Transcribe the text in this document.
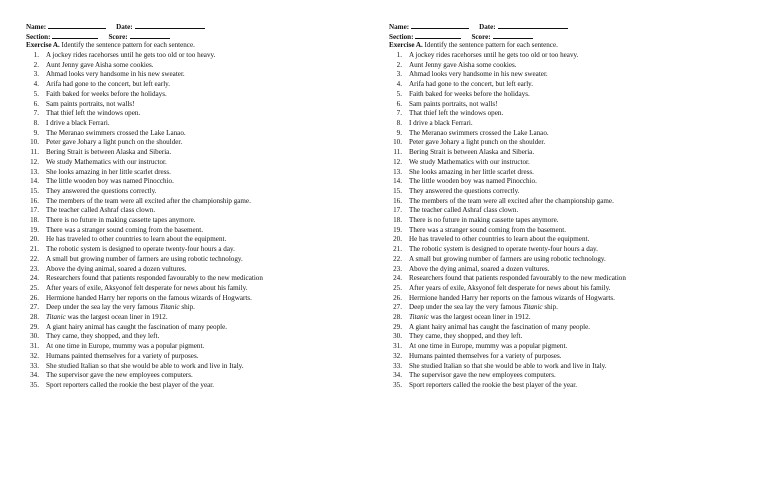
Name:	Date:
Section:	Score:
Exercise A. Identify the sentence pattern for each sentence.
1. A jockey rides racehorses until he gets too old or too heavy.
2. Aunt Jenny gave Aisha some cookies.
3. Ahmad looks very handsome in his new sweater.
4. Arifa had gone to the concert, but left early.
5. Faith baked for weeks before the holidays.
6. Sam paints portraits, not walls!
7. That thief left the windows open.
8. I drive a black Ferrari.
9. The Meranao swimmers crossed the Lake Lanao.
10. Peter gave Johary a light punch on the shoulder.
11. Bering Strait is between Alaska and Siberia.
12. We study Mathematics with our instructor.
13. She looks amazing in her little scarlet dress.
14. The little wooden boy was named Pinocchio.
15. They answered the questions correctly.
16. The members of the team were all excited after the championship game.
17. The teacher called Ashraf class clown.
18. There is no future in making cassette tapes anymore.
19. There was a stranger sound coming from the basement.
20. He has traveled to other countries to learn about the equipment.
21. The robotic system is designed to operate twenty-four hours a day.
22. A small but growing number of farmers are using robotic technology.
23. Above the dying animal, soared a dozen vultures.
24. Researchers found that patients responded favourably to the new medication
25. After years of exile, Aksyonof felt desperate for news about his family.
26. Hermione handed Harry her reports on the famous wizards of Hogwarts.
27. Deep under the sea lay the very famous Titanic ship.
28. Titanic was the largest ocean liner in 1912.
29. A giant hairy animal has caught the fascination of many people.
30. They came, they shopped, and they left.
31. At one time in Europe, mummy was a popular pigment.
32. Humans painted themselves for a variety of purposes.
33. She studied Italian so that she would be able to work and live in Italy.
34. The supervisor gave the new employees computers.
35. Sport reporters called the rookie the best player of the year.
Name:	Date:
Section:	Score:
Exercise A. Identify the sentence pattern for each sentence.
1. A jockey rides racehorses until he gets too old or too heavy.
2. Aunt Jenny gave Aisha some cookies.
3. Ahmad looks very handsome in his new sweater.
4. Arifa had gone to the concert, but left early.
5. Faith baked for weeks before the holidays.
6. Sam paints portraits, not walls!
7. That thief left the windows open.
8. I drive a black Ferrari.
9. The Meranao swimmers crossed the Lake Lanao.
10. Peter gave Johary a light punch on the shoulder.
11. Bering Strait is between Alaska and Siberia.
12. We study Mathematics with our instructor.
13. She looks amazing in her little scarlet dress.
14. The little wooden boy was named Pinocchio.
15. They answered the questions correctly.
16. The members of the team were all excited after the championship game.
17. The teacher called Ashraf class clown.
18. There is no future in making cassette tapes anymore.
19. There was a stranger sound coming from the basement.
20. He has traveled to other countries to learn about the equipment.
21. The robotic system is designed to operate twenty-four hours a day.
22. A small but growing number of farmers are using robotic technology.
23. Above the dying animal, soared a dozen vultures.
24. Researchers found that patients responded favourably to the new medication
25. After years of exile, Aksyonof felt desperate for news about his family.
26. Hermione handed Harry her reports on the famous wizards of Hogwarts.
27. Deep under the sea lay the very famous Titanic ship.
28. Titanic was the largest ocean liner in 1912.
29. A giant hairy animal has caught the fascination of many people.
30. They came, they shopped, and they left.
31. At one time in Europe, mummy was a popular pigment.
32. Humans painted themselves for a variety of purposes.
33. She studied Italian so that she would be able to work and live in Italy.
34. The supervisor gave the new employees computers.
35. Sport reporters called the rookie the best player of the year.
